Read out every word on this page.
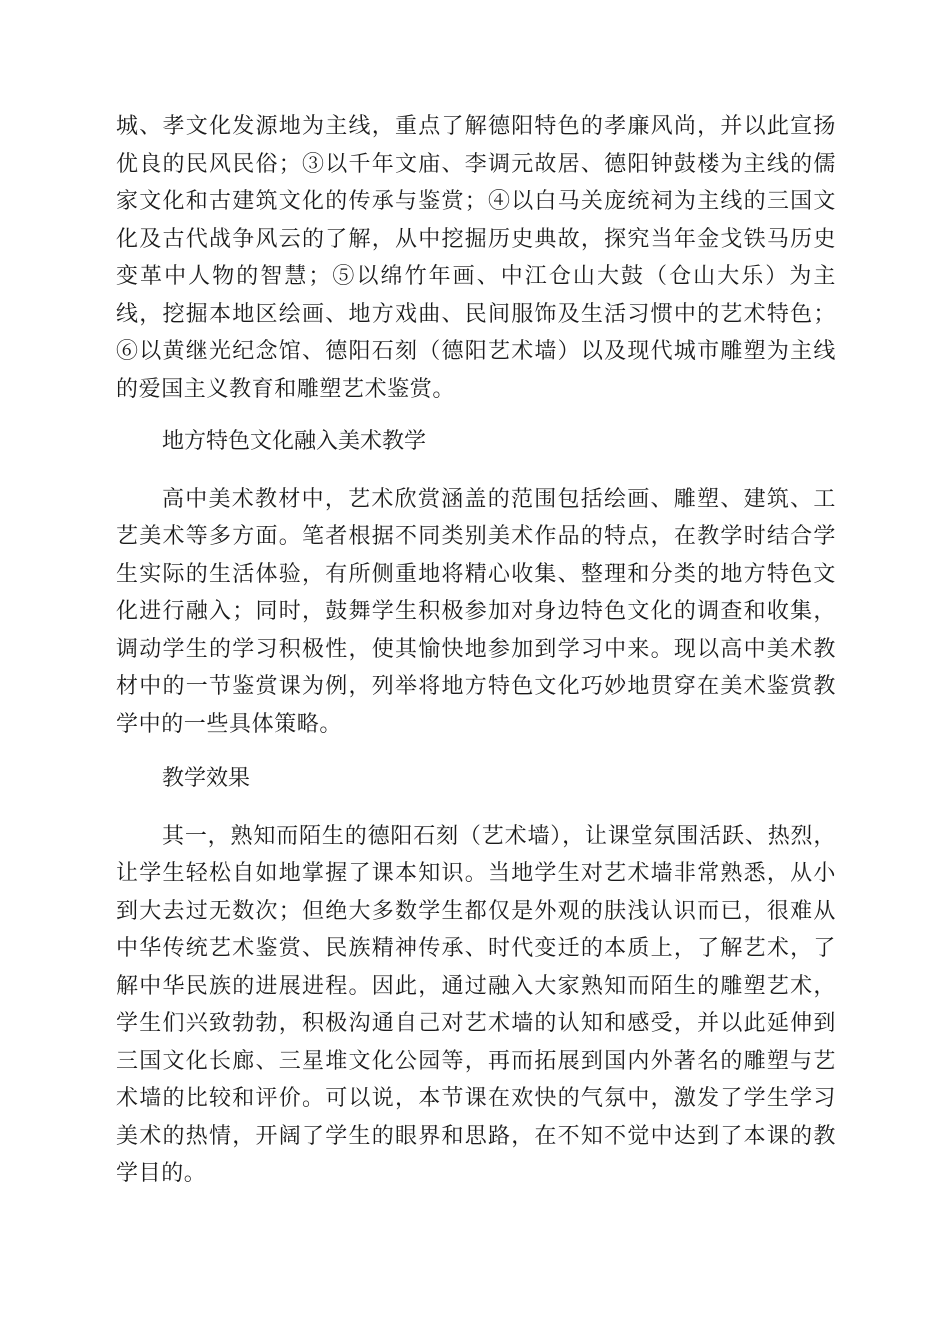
城、孝文化发源地为主线，重点了解德阳特色的孝廉风尚，并以此宣扬优良的民风民俗；③以千年文庙、李调元故居、德阳钟鼓楼为主线的儒家文化和古建筑文化的传承与鉴赏；④以白马关庞统祠为主线的三国文化及古代战争风云的了解，从中挖掘历史典故，探究当年金戈铁马历史变革中人物的智慧；⑤以绵竹年画、中江仓山大鼓（仓山大乐）为主线，挖掘本地区绘画、地方戏曲、民间服饰及生活习惯中的艺术特色；⑥以黄继光纪念馆、德阳石刻（德阳艺术墙）以及现代城市雕塑为主线的爱国主义教育和雕塑艺术鉴赏。

地方特色文化融入美术教学

高中美术教材中，艺术欣赏涵盖的范围包括绘画、雕塑、建筑、工艺美术等多方面。笔者根据不同类别美术作品的特点，在教学时结合学生实际的生活体验，有所侧重地将精心收集、整理和分类的地方特色文化进行融入；同时，鼓舞学生积极参加对身边特色文化的调查和收集，调动学生的学习积极性，使其愉快地参加到学习中来。现以高中美术教材中的一节鉴赏课为例，列举将地方特色文化巧妙地贯穿在美术鉴赏教学中的一些具体策略。

教学效果

其一，熟知而陌生的德阳石刻（艺术墙），让课堂氛围活跃、热烈，让学生轻松自如地掌握了课本知识。当地学生对艺术墙非常熟悉，从小到大去过无数次；但绝大多数学生都仅是外观的肤浅认识而已，很难从中华传统艺术鉴赏、民族精神传承、时代变迁的本质上，了解艺术，了解中华民族的进展进程。因此，通过融入大家熟知而陌生的雕塑艺术，学生们兴致勃勃，积极沟通自己对艺术墙的认知和感受，并以此延伸到三国文化长廊、三星堆文化公园等，再而拓展到国内外著名的雕塑与艺术墙的比较和评价。可以说，本节课在欢快的气氛中，激发了学生学习美术的热情，开阔了学生的眼界和思路，在不知不觉中达到了本课的教学目的。
